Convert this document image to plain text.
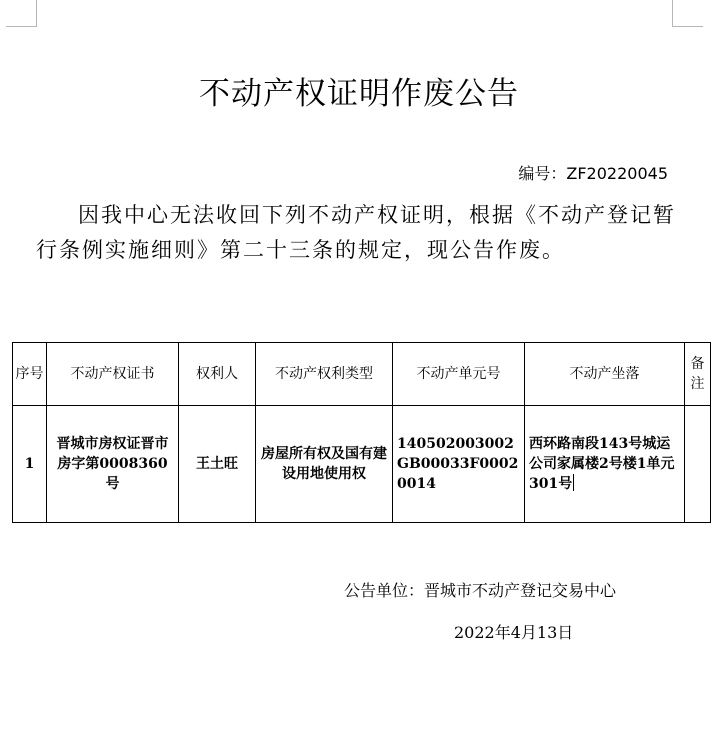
不动产权证明作废公告
编号：ZF20220045
因我中心无法收回下列不动产权证明，根据《不动产登记暂行条例实施细则》第二十三条的规定，现公告作废。
序号	不动产权证书	权利人	不动产权利类型	不动产单元号	不动产坐落	备注
1	晋城市房权证晋市房字第0008360号	王土旺	房屋所有权及国有建设用地使用权	140502003002GB00033F00020014	西环路南段143号城运公司家属楼2号楼1单元301号	
公告单位：晋城市不动产登记交易中心
2022年4月13日
